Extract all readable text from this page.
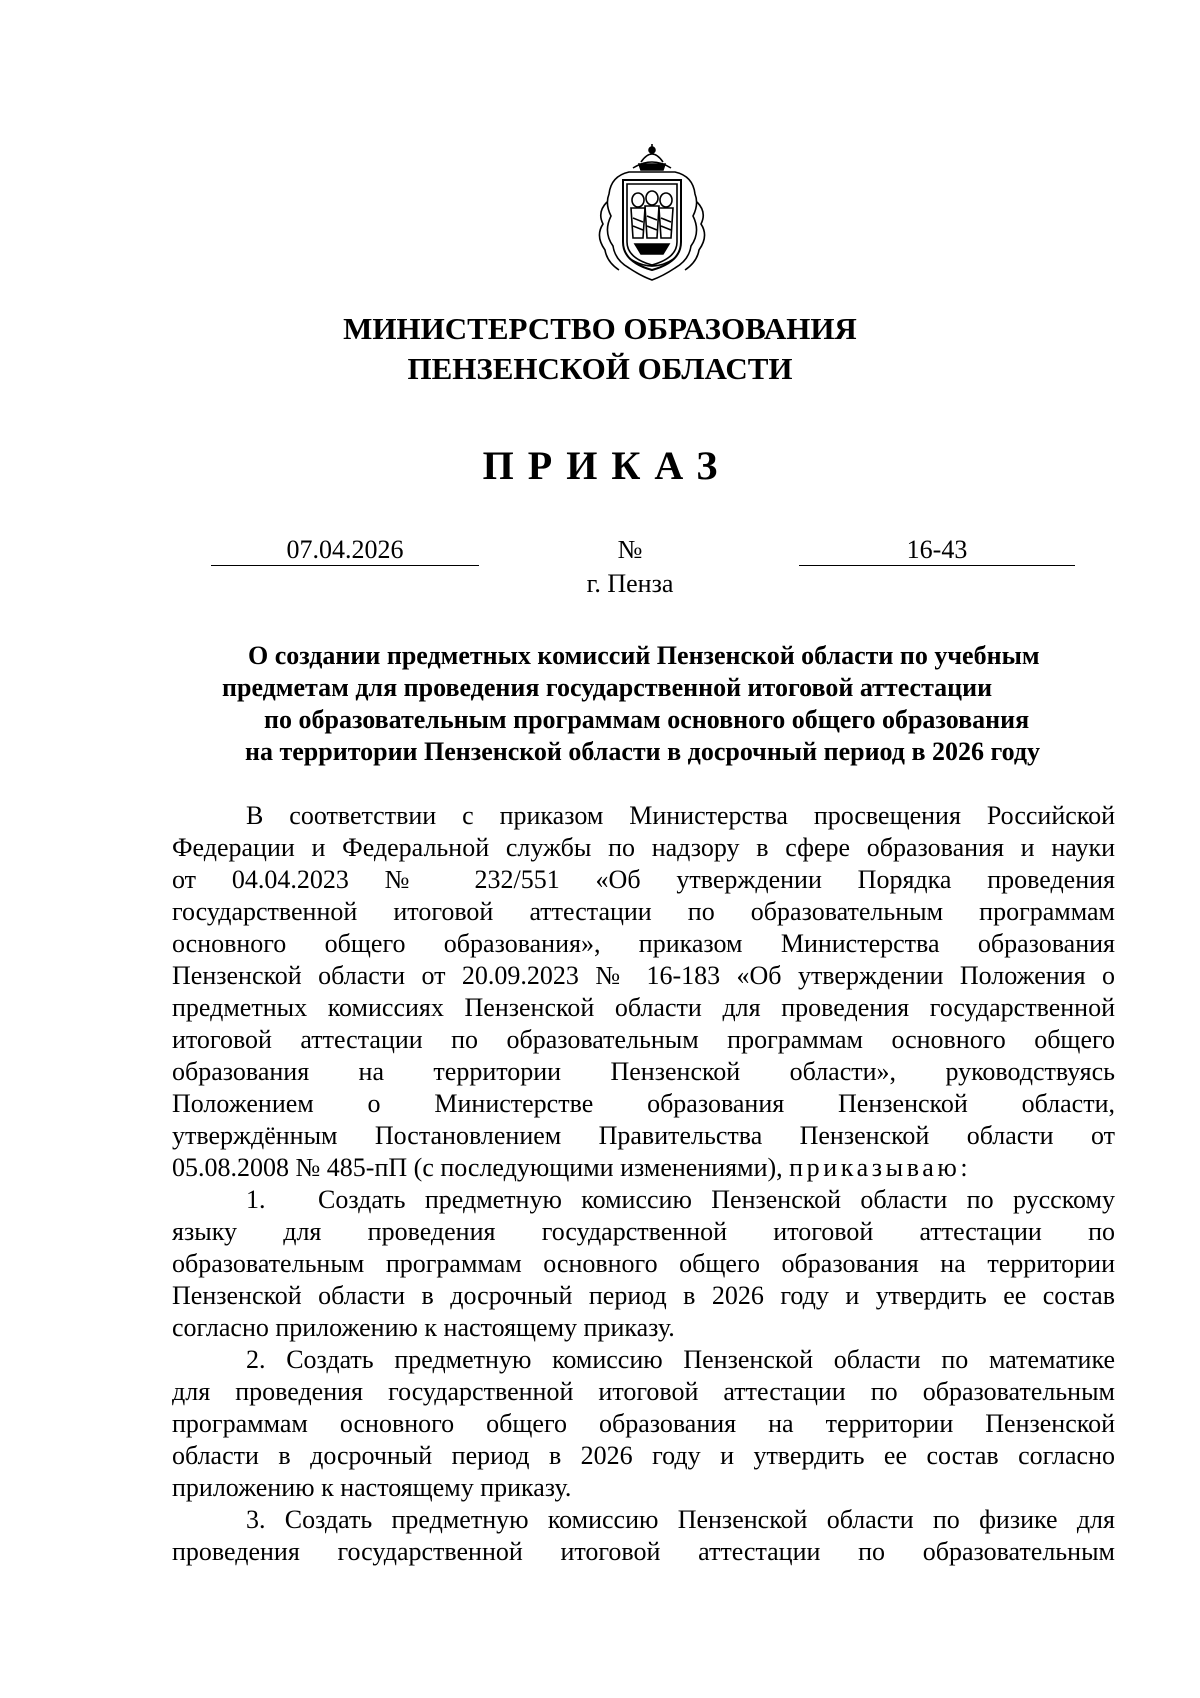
МИНИСТЕРСТВО ОБРАЗОВАНИЯ
ПЕНЗЕНСКОЙ ОБЛАСТИ
ПРИКАЗ
07.04.2026	№	16-43
г. Пенза
О создании предметных комиссий Пензенской области по учебным
предметам для проведения государственной итоговой аттестации
по образовательным программам основного общего образования
на территории Пензенской области в досрочный период в 2026 году
В соответствии с приказом Министерства просвещения Российской
Федерации и Федеральной службы по надзору в сфере образования и науки
от 04.04.2023 № 232/551 «Об утверждении Порядка проведения
государственной итоговой аттестации по образовательным программам
основного общего образования», приказом Министерства образования
Пензенской области от 20.09.2023 № 16-183 «Об утверждении Положения о
предметных комиссиях Пензенской области для проведения государственной
итоговой аттестации по образовательным программам основного общего
образования на территории Пензенской области», руководствуясь
Положением о Министерстве образования Пензенской области,
утверждённым Постановлением Правительства Пензенской области от
05.08.2008 № 485-пП (с последующими изменениями), приказываю:
1. Создать предметную комиссию Пензенской области по русскому
языку для проведения государственной итоговой аттестации по
образовательным программам основного общего образования на территории
Пензенской области в досрочный период в 2026 году и утвердить ее состав
согласно приложению к настоящему приказу.
2. Создать предметную комиссию Пензенской области по математике
для проведения государственной итоговой аттестации по образовательным
программам основного общего образования на территории Пензенской
области в досрочный период в 2026 году и утвердить ее состав согласно
приложению к настоящему приказу.
3. Создать предметную комиссию Пензенской области по физике для
проведения государственной итоговой аттестации по образовательным
